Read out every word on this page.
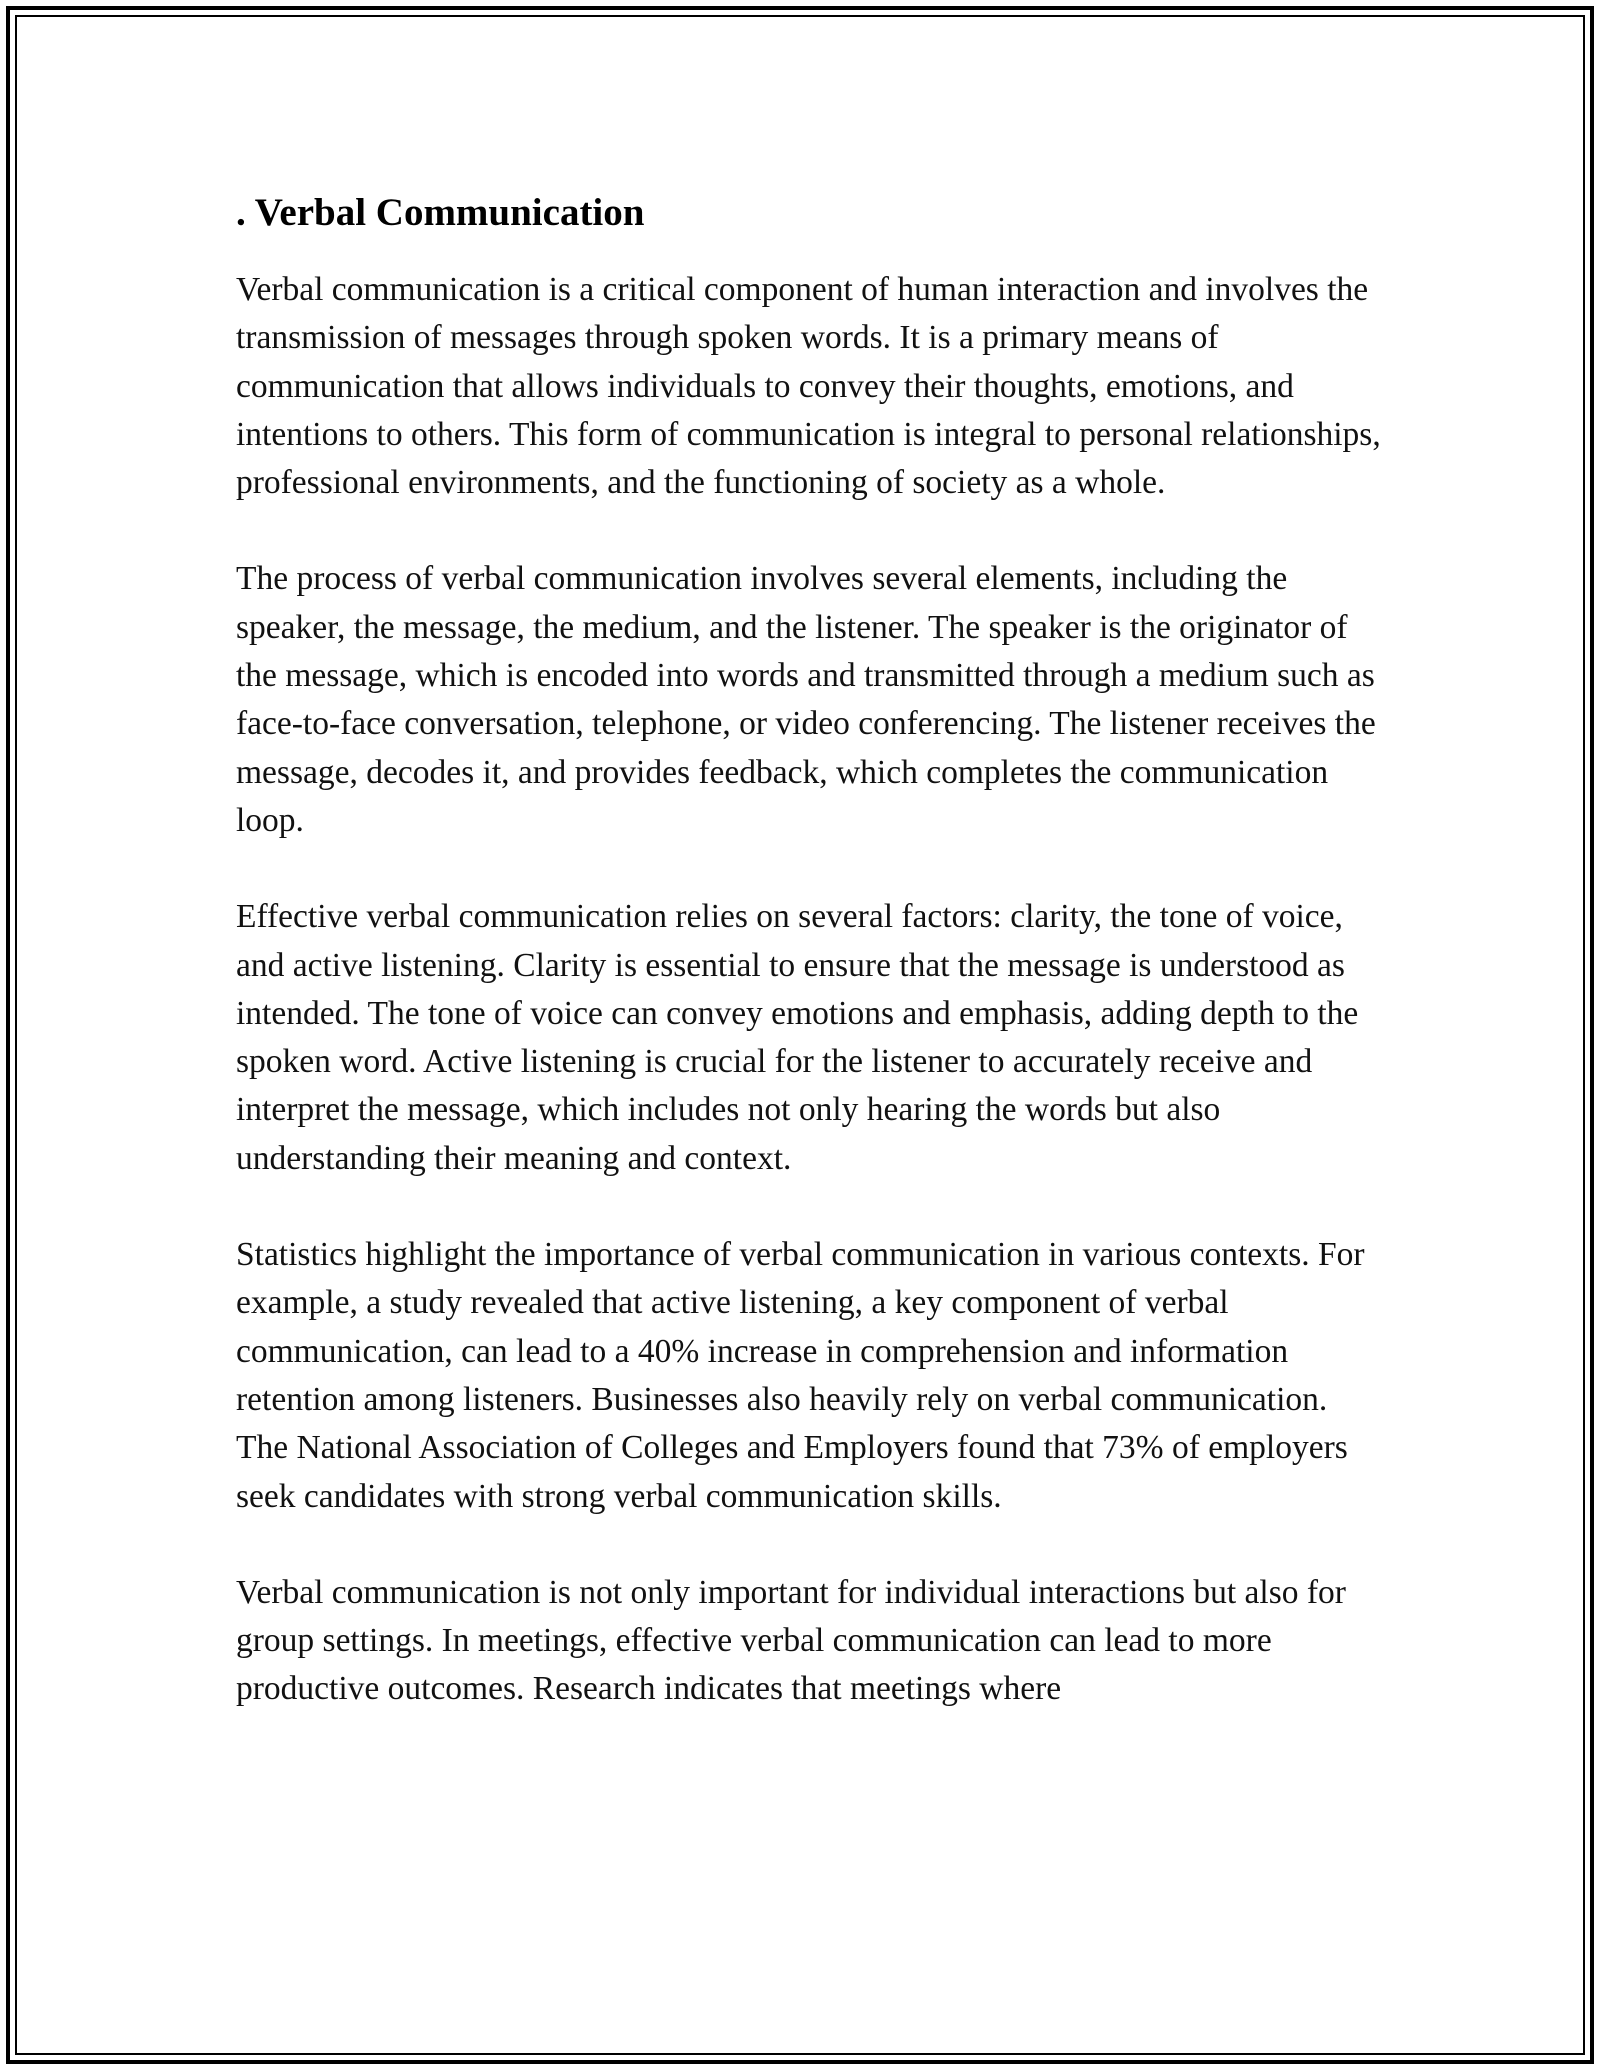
. Verbal Communication

Verbal communication is a critical component of human interaction and involves the transmission of messages through spoken words. It is a primary means of communication that allows individuals to convey their thoughts, emotions, and intentions to others. This form of communication is integral to personal relationships, professional environments, and the functioning of society as a whole.

The process of verbal communication involves several elements, including the speaker, the message, the medium, and the listener. The speaker is the originator of the message, which is encoded into words and transmitted through a medium such as face-to-face conversation, telephone, or video conferencing. The listener receives the message, decodes it, and provides feedback, which completes the communication loop.

Effective verbal communication relies on several factors: clarity, the tone of voice, and active listening. Clarity is essential to ensure that the message is understood as intended. The tone of voice can convey emotions and emphasis, adding depth to the spoken word. Active listening is crucial for the listener to accurately receive and interpret the message, which includes not only hearing the words but also understanding their meaning and context.

Statistics highlight the importance of verbal communication in various contexts. For example, a study revealed that active listening, a key component of verbal communication, can lead to a 40% increase in comprehension and information retention among listeners. Businesses also heavily rely on verbal communication. The National Association of Colleges and Employers found that 73% of employers seek candidates with strong verbal communication skills.

Verbal communication is not only important for individual interactions but also for group settings. In meetings, effective verbal communication can lead to more productive outcomes. Research indicates that meetings where
